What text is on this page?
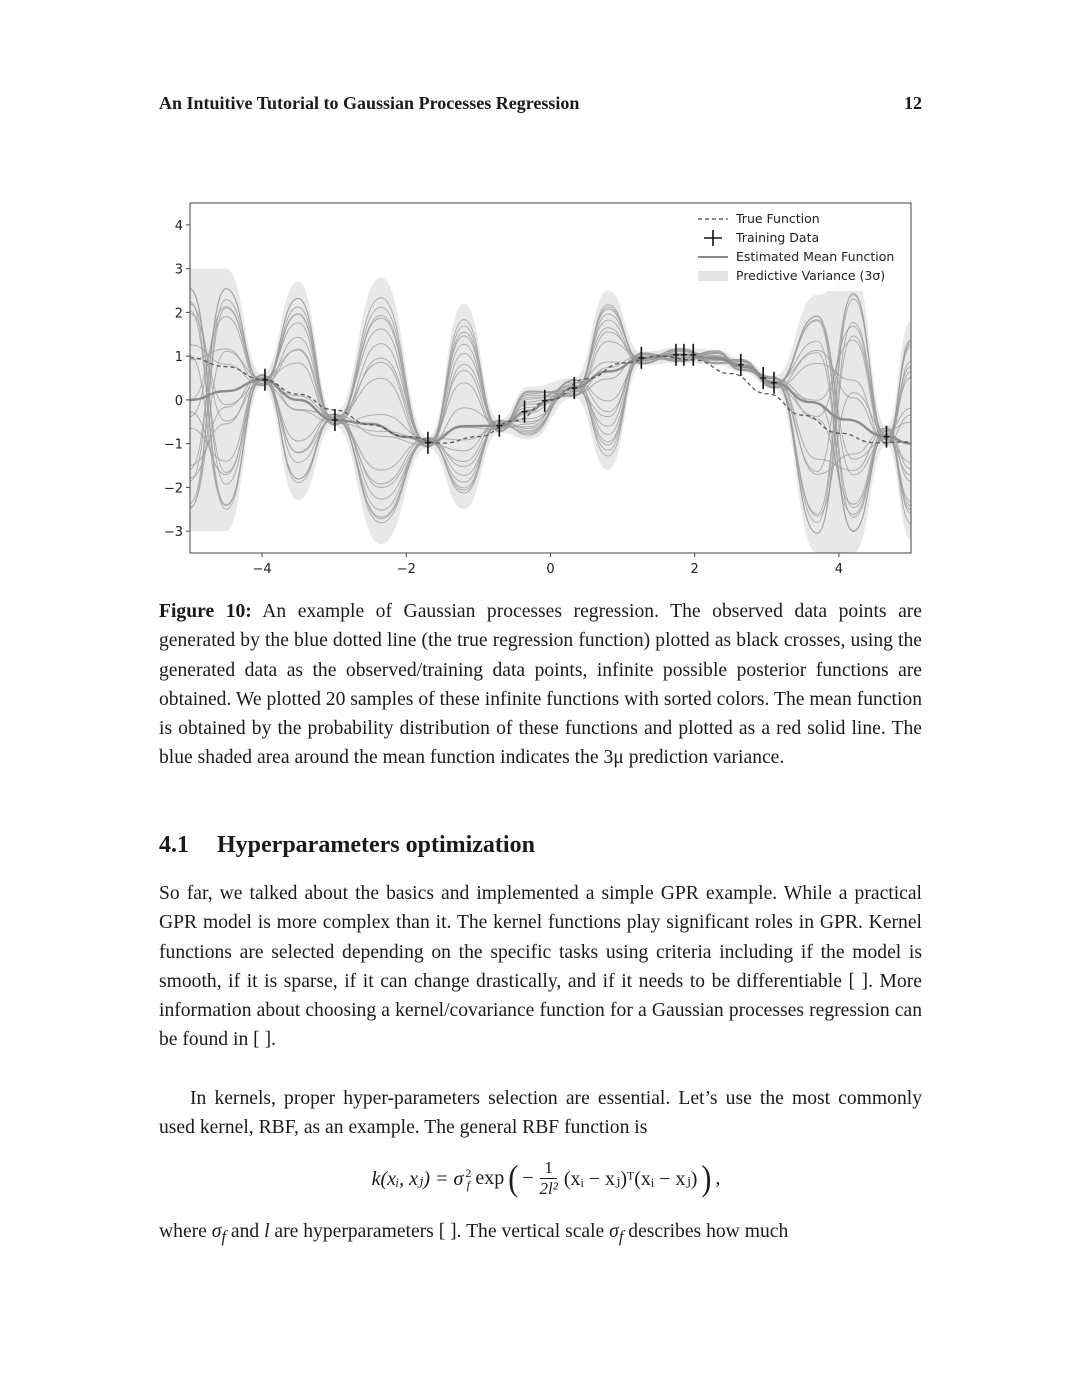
An Intuitive Tutorial to Gaussian Processes Regression	12
−4	−2	0	2	4
4
3
2
1
0
−1
−2
−3
True Function
Training Data
Estimated Mean Function
Predictive Variance (3σ)
Figure 10: An example of Gaussian processes regression. The observed data points are generated by the blue dotted line (the true regression function) plotted as black crosses, using the generated data as the observed/training data points, infinite possible posterior functions are obtained. We plotted 20 samples of these infinite functions with sorted colors. The mean function is obtained by the probability distribution of these functions and plotted as a red solid line. The blue shaded area around the mean function indicates the 3μ prediction variance.
4.1 Hyperparameters optimization
So far, we talked about the basics and implemented a simple GPR example. While a practical GPR model is more complex than it. The kernel functions play significant roles in GPR. Kernel functions are selected depending on the specific tasks using criteria including if the model is smooth, if it is sparse, if it can change drastically, and if it needs to be differentiable [ ]. More information about choosing a kernel/covariance function for a Gaussian processes regression can be found in [ ].
In kernels, proper hyper-parameters selection are essential. Let’s use the most commonly used kernel, RBF, as an example. The general RBF function is
k(xᵢ, xⱼ) = σ 2
f exp ( − $\frac{1}{\text{2l²}}$ (xᵢ − xⱼ)ᵀ(xᵢ − xⱼ) ) ,
where $\sigma_f$ and l are hyperparameters [ ]. The vertical scale $\sigma_f$ describes how much
